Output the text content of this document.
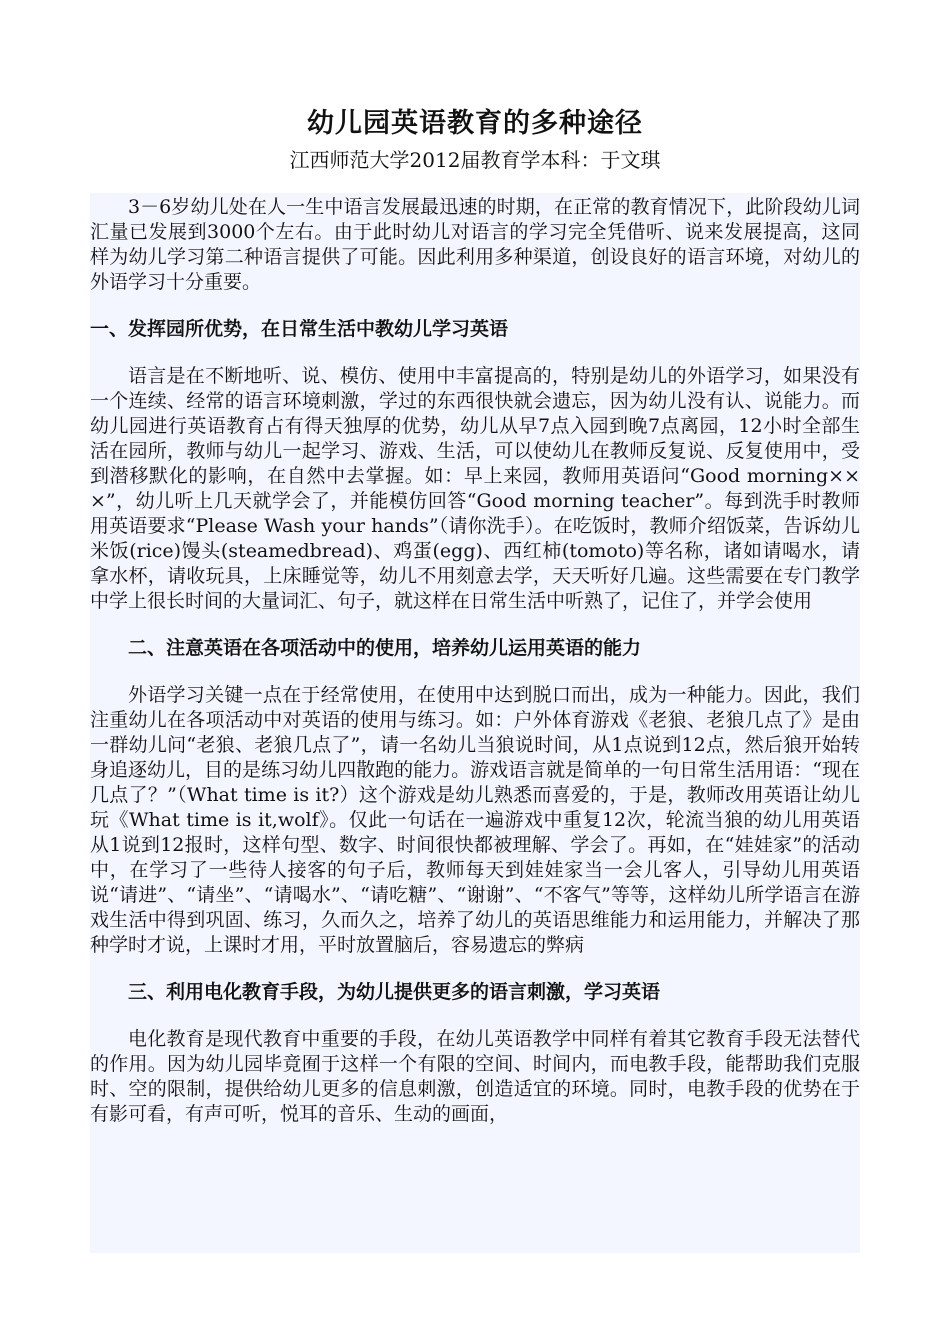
幼儿园英语教育的多种途径
江西师范大学2012届教育学本科：于文琪

3－6岁幼儿处在人一生中语言发展最迅速的时期，在正常的教育情况下，此阶段幼儿词汇量已发展到3000个左右。由于此时幼儿对语言的学习完全凭借听、说来发展提高，这同样为幼儿学习第二种语言提供了可能。因此利用多种渠道，创设良好的语言环境，对幼儿的外语学习十分重要。

一、发挥园所优势，在日常生活中教幼儿学习英语

语言是在不断地听、说、模仿、使用中丰富提高的，特别是幼儿的外语学习，如果没有一个连续、经常的语言环境刺激，学过的东西很快就会遗忘，因为幼儿没有认、说能力。而幼儿园进行英语教育占有得天独厚的优势，幼儿从早7点入园到晚7点离园，12小时全部生活在园所，教师与幼儿一起学习、游戏、生活，可以使幼儿在教师反复说、反复使用中，受到潜移默化的影响，在自然中去掌握。如：早上来园，教师用英语问“Good morning×××”，幼儿听上几天就学会了，并能模仿回答“Good morning teacher”。每到洗手时教师用英语要求“Please Wash your hands”（请你洗手）。在吃饭时，教师介绍饭菜，告诉幼儿米饭(rice)馒头(steamedbread)、鸡蛋(egg)、西红柿(tomoto)等名称，诸如请喝水，请拿水杯，请收玩具，上床睡觉等，幼儿不用刻意去学，天天听好几遍。这些需要在专门教学中学上很长时间的大量词汇、句子，就这样在日常生活中听熟了，记住了，并学会使用

二、注意英语在各项活动中的使用，培养幼儿运用英语的能力

外语学习关键一点在于经常使用，在使用中达到脱口而出，成为一种能力。因此，我们注重幼儿在各项活动中对英语的使用与练习。如：户外体育游戏《老狼、老狼几点了》是由一群幼儿问“老狼、老狼几点了”，请一名幼儿当狼说时间，从1点说到12点，然后狼开始转身追逐幼儿，目的是练习幼儿四散跑的能力。游戏语言就是简单的一句日常生活用语：“现在几点了？”（What time is it?）这个游戏是幼儿熟悉而喜爱的，于是，教师改用英语让幼儿玩《What time is it,wolf》。仅此一句话在一遍游戏中重复12次，轮流当狼的幼儿用英语从1说到12报时，这样句型、数字、时间很快都被理解、学会了。再如，在“娃娃家”的活动中，在学习了一些待人接客的句子后，教师每天到娃娃家当一会儿客人，引导幼儿用英语说“请进”、“请坐”、“请喝水”、“请吃糖”、“谢谢”、“不客气”等等，这样幼儿所学语言在游戏生活中得到巩固、练习，久而久之，培养了幼儿的英语思维能力和运用能力，并解决了那种学时才说，上课时才用，平时放置脑后，容易遗忘的弊病

三、利用电化教育手段，为幼儿提供更多的语言刺激，学习英语

电化教育是现代教育中重要的手段，在幼儿英语教学中同样有着其它教育手段无法替代的作用。因为幼儿园毕竟囿于这样一个有限的空间、时间内，而电教手段，能帮助我们克服时、空的限制，提供给幼儿更多的信息刺激，创造适宜的环境。同时，电教手段的优势在于有影可看，有声可听，悦耳的音乐、生动的画面，
